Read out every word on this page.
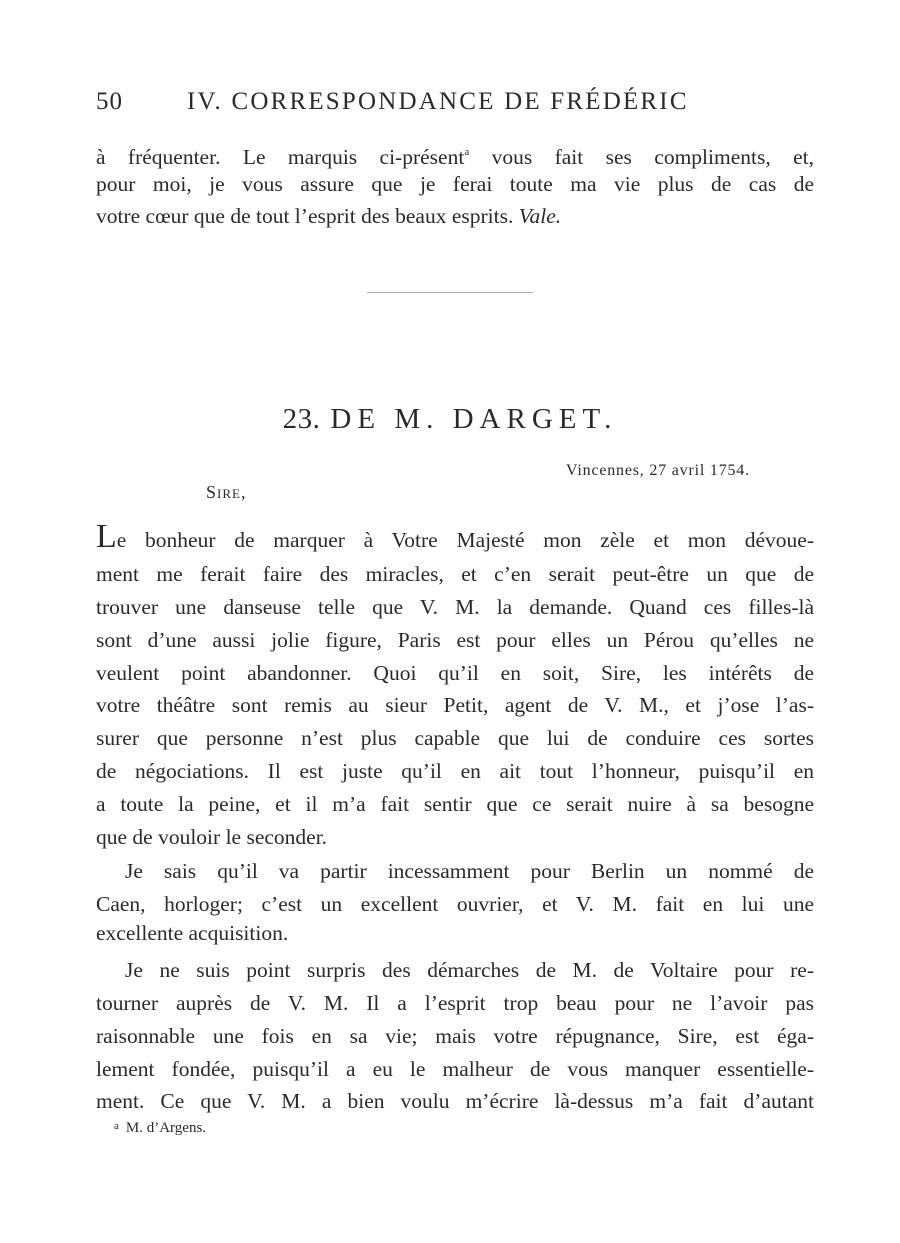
50	IV. CORRESPONDANCE DE FRÉDÉRIC
à fréquenter. Le marquis ci-présent$^a$ vous fait ses compliments, et,
pour moi, je vous assure que je ferai toute ma vie plus de cas de
votre cœur que de tout l’esprit des beaux esprits. Vale.
23. DE M. DARGET.
Vincennes, 27 avril 1754.
Sire,
Le bonheur de marquer à Votre Majesté mon zèle et mon dévoue-
ment me ferait faire des miracles, et c’en serait peut-être un que de
trouver une danseuse telle que V. M. la demande. Quand ces filles-là
sont d’une aussi jolie figure, Paris est pour elles un Pérou qu’elles ne
veulent point abandonner. Quoi qu’il en soit, Sire, les intérêts de
votre théâtre sont remis au sieur Petit, agent de V. M., et j’ose l’as-
surer que personne n’est plus capable que lui de conduire ces sortes
de négociations. Il est juste qu’il en ait tout l’honneur, puisqu’il en
a toute la peine, et il m’a fait sentir que ce serait nuire à sa besogne
que de vouloir le seconder.
Je sais qu’il va partir incessamment pour Berlin un nommé de
Caen, horloger; c’est un excellent ouvrier, et V. M. fait en lui une
excellente acquisition.
Je ne suis point surpris des démarches de M. de Voltaire pour re-
tourner auprès de V. M. Il a l’esprit trop beau pour ne l’avoir pas
raisonnable une fois en sa vie; mais votre répugnance, Sire, est éga-
lement fondée, puisqu’il a eu le malheur de vous manquer essentielle-
ment. Ce que V. M. a bien voulu m’écrire là-dessus m’a fait d’autant
$^a$ M. d’Argens.
